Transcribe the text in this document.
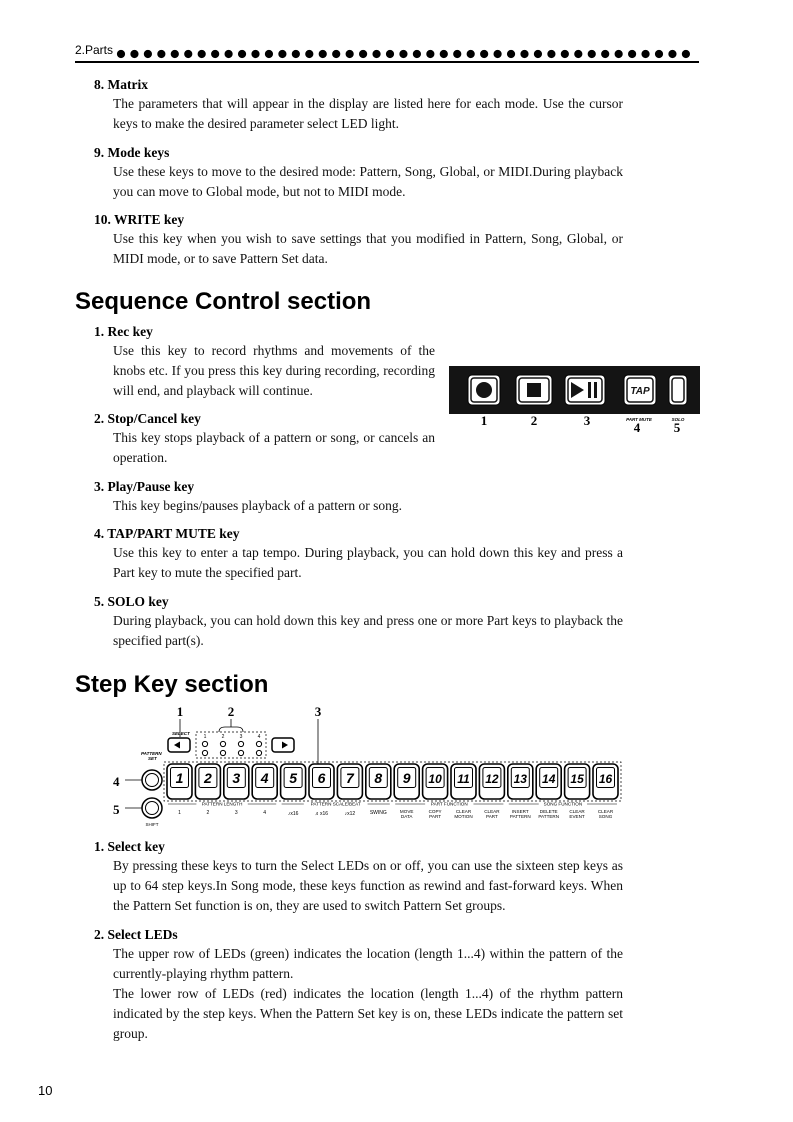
2.Parts
8. Matrix
The parameters that will appear in the display are listed here for each mode. Use the cursor keys to make the desired parameter select LED light.
9. Mode keys
Use these keys to move to the desired mode: Pattern, Song, Global, or MIDI.During playback you can move to Global mode, but not to MIDI mode.
10. WRITE key
Use this key when you wish to save settings that you modified in Pattern, Song, Global, or MIDI mode, or to save Pattern Set data.
Sequence Control section
1. Rec key
Use this key to record rhythms and movements of the knobs etc. If you press this key during recording, recording will end, and playback will continue.
2. Stop/Cancel key
This key stops playback of a pattern or song, or cancels an operation.
3. Play/Pause key
This key begins/pauses playback of a pattern or song.
4. TAP/PART MUTE key
Use this key to enter a tap tempo. During playback, you can hold down this key and press a Part key to mute the specified part.
5. SOLO key
During playback, you can hold down this key and press one or more Part keys to playback the specified part(s).
TAP
PART MUTE	SOLO
1	2	3	4	5
Step Key section
1	2	3
4
5
SELECT
1	2	3	4
PATTERN
SET
SHIFT
1 2 3 4 5 6 7 8 9 10 11 12 13 14 15 16
PATTERN LENGTH	PATTERN SCALE/BEAT	PART FUNCTION	SONG FUNCTION
1	2	3	4	♪x16	♬x16	♪x12	SWING	MOVE
DATA
COPY
PART
CLEAR
MOTION
CLEAR
PART
INSERT
PATTERN
DELETE
PATTERN
CLEAR
EVENT
CLEAR
SONG
1. Select key
By pressing these keys to turn the Select LEDs on or off, you can use the sixteen step keys as up to 64 step keys.In Song mode, these keys function as rewind and fast-forward keys. When the Pattern Set function is on, they are used to switch Pattern Set groups.
2. Select LEDs
The upper row of LEDs (green) indicates the location (length 1...4) within the pattern of the currently-playing rhythm pattern.
The lower row of LEDs (red) indicates the location (length 1...4) of the rhythm pattern indicated by the step keys. When the Pattern Set key is on, these LEDs indicate the pattern set group.
10
